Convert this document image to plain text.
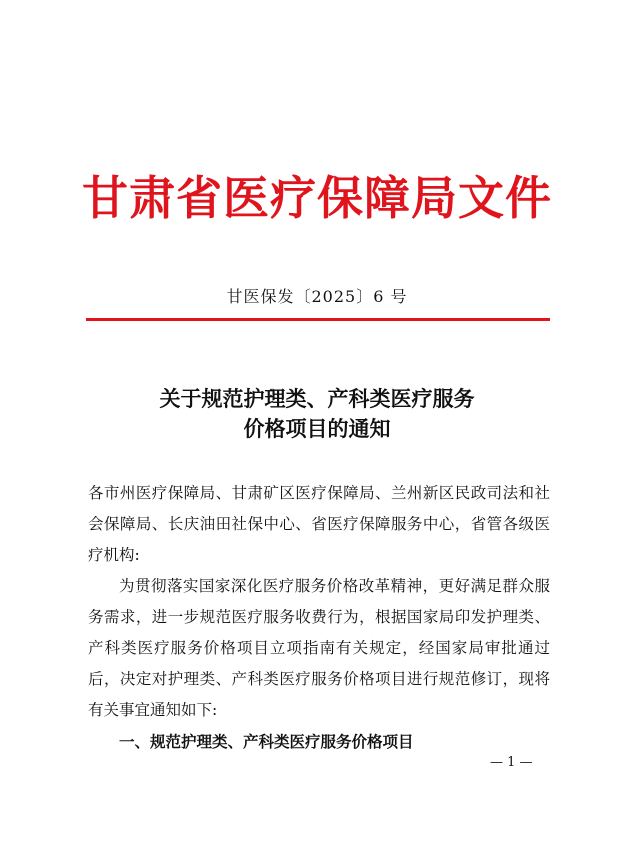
甘肃省医疗保障局文件
甘医保发〔2025〕6 号
关于规范护理类、产科类医疗服务
价格项目的通知

各市州医疗保障局、甘肃矿区医疗保障局、兰州新区民政司法和社会保障局、长庆油田社保中心、省医疗保障服务中心，省管各级医疗机构:

为贯彻落实国家深化医疗服务价格改革精神，更好满足群众服务需求，进一步规范医疗服务收费行为，根据国家局印发护理类、产科类医疗服务价格项目立项指南有关规定，经国家局审批通过后，决定对护理类、产科类医疗服务价格项目进行规范修订，现将有关事宜通知如下:

一、规范护理类、产科类医疗服务价格项目

— 1 —
